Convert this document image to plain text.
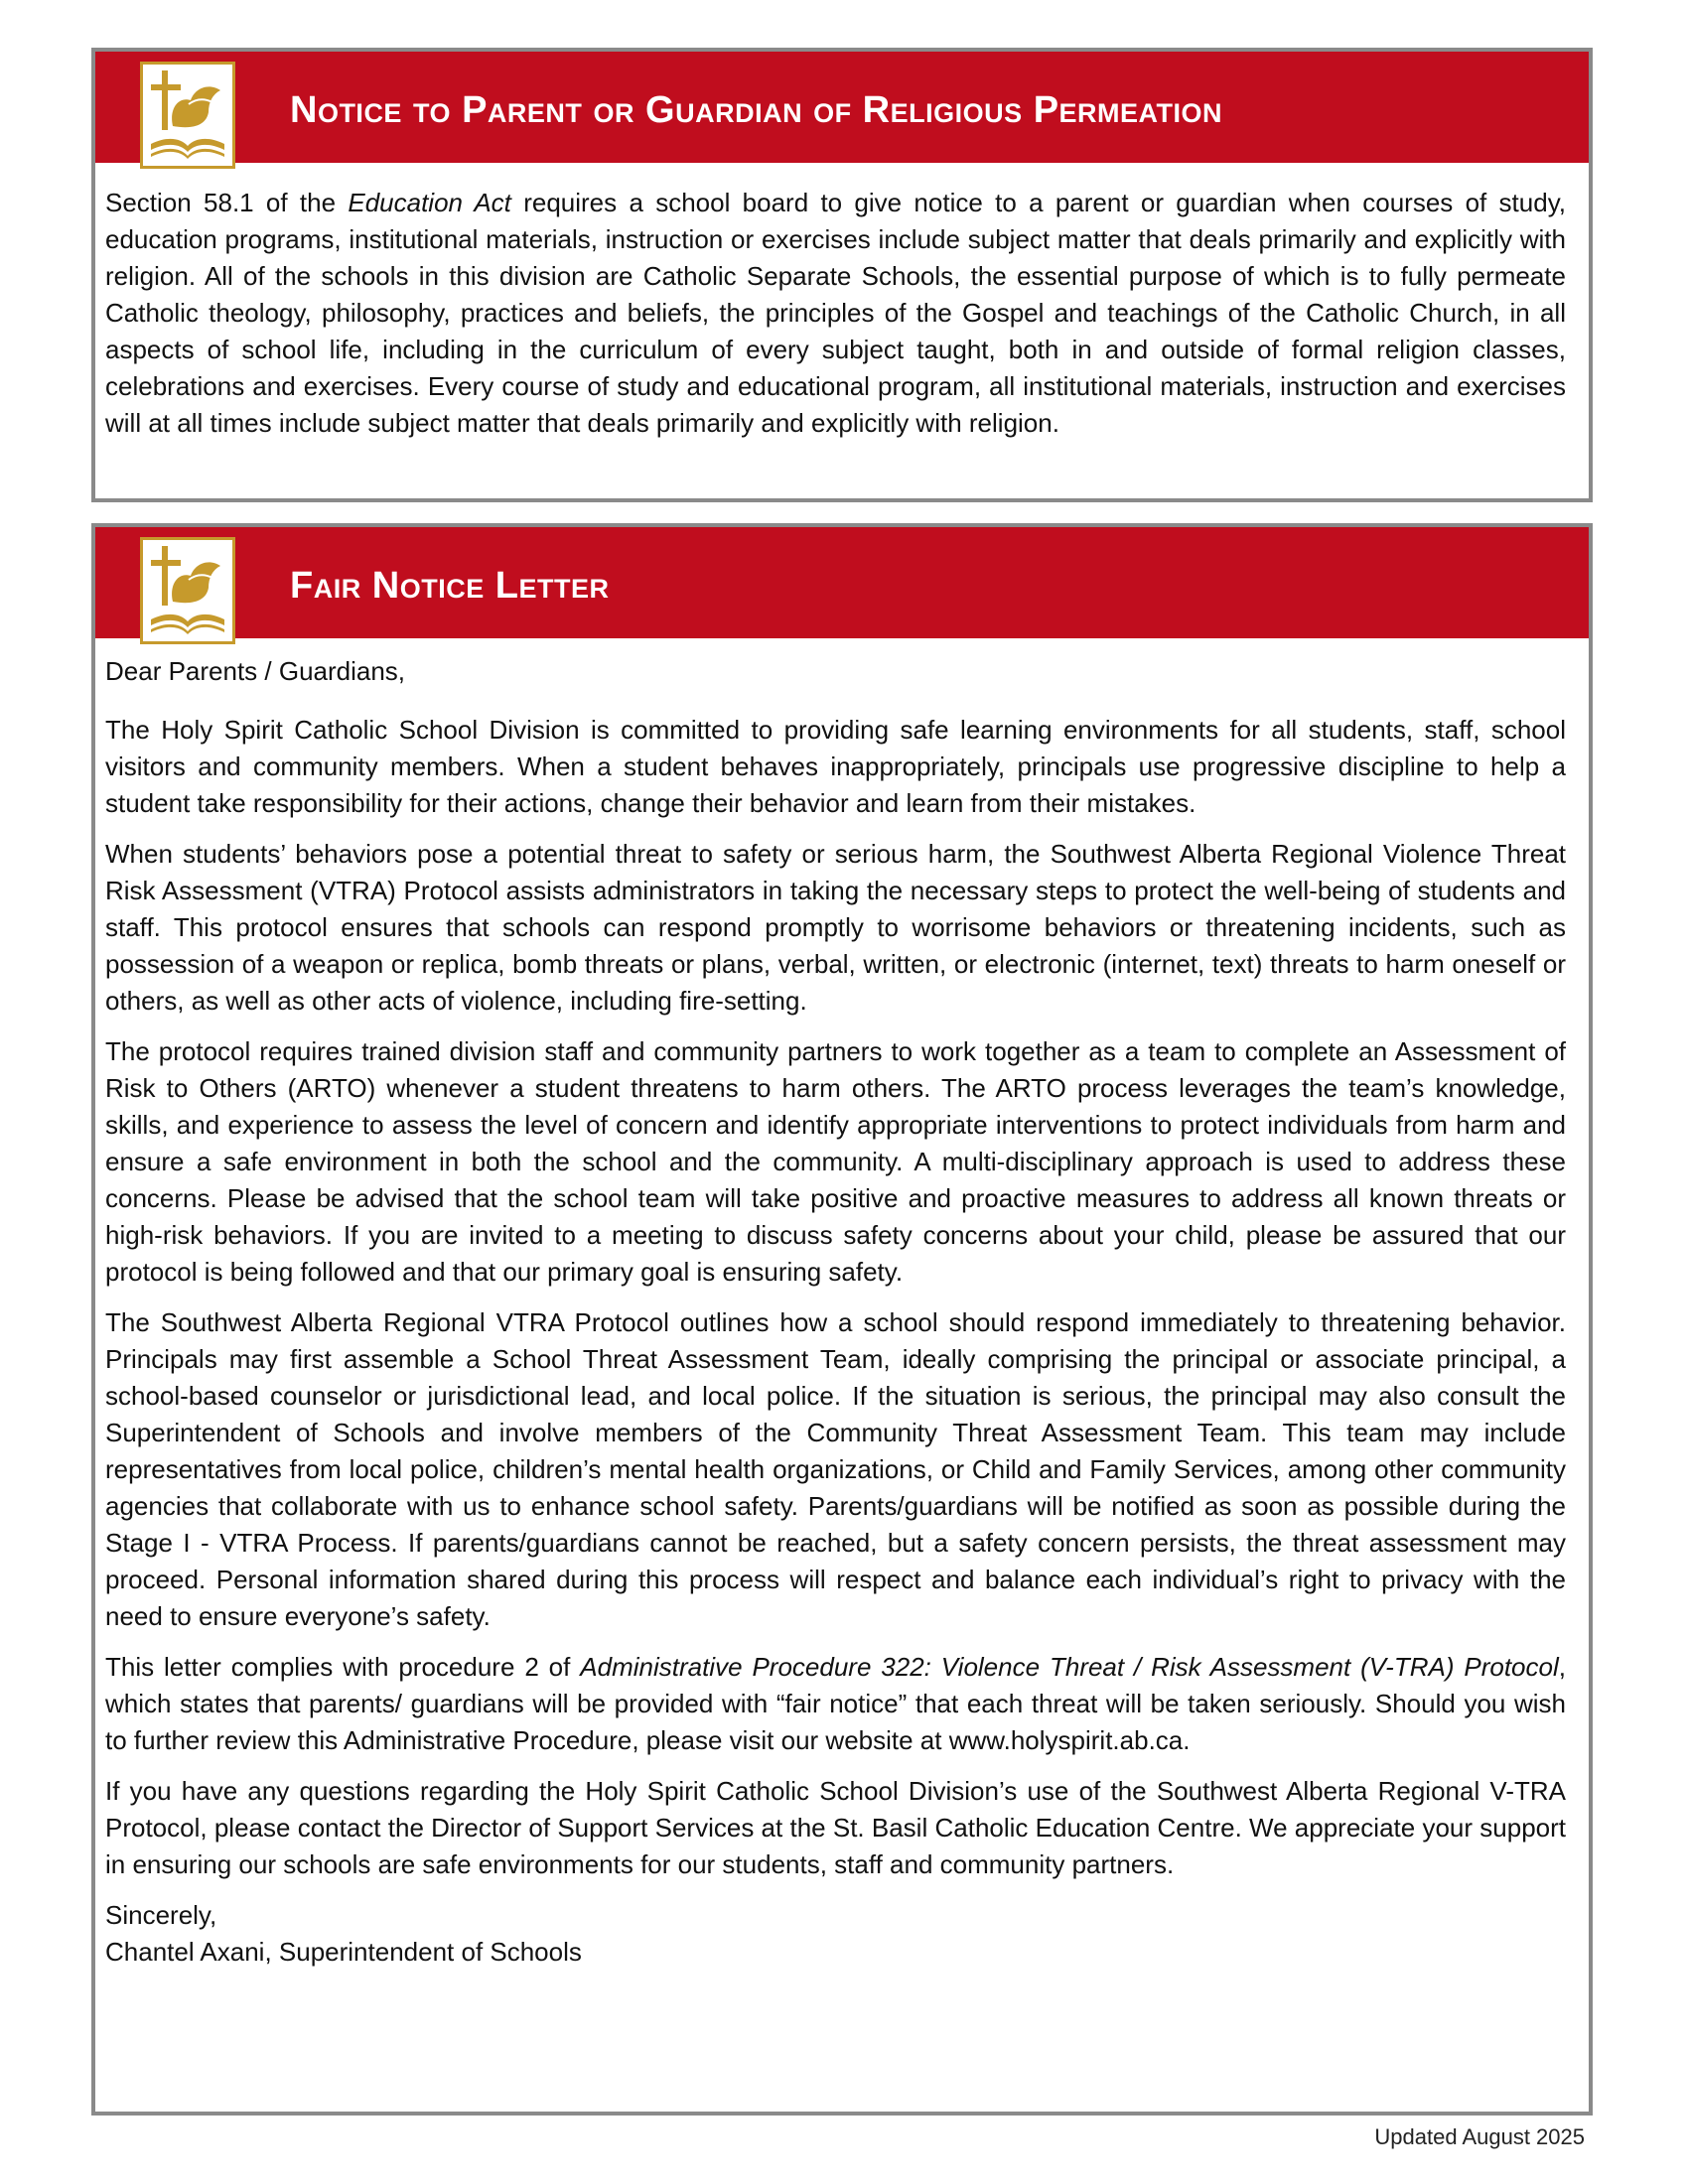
Notice to Parent or Guardian of Religious Permeation

Section 58.1 of the Education Act requires a school board to give notice to a parent or guardian when courses of study, education programs, institutional materials, instruction or exercises include subject matter that deals primarily and explicitly with religion. All of the schools in this division are Catholic Separate Schools, the essential purpose of which is to fully permeate Catholic theology, philosophy, practices and beliefs, the principles of the Gospel and teachings of the Catholic Church, in all aspects of school life, including in the curriculum of every subject taught, both in and outside of formal religion classes, celebrations and exercises. Every course of study and educational program, all institutional materials, instruction and exercises will at all times include subject matter that deals primarily and explicitly with religion.

Fair Notice Letter

Dear Parents / Guardians,

The Holy Spirit Catholic School Division is committed to providing safe learning environments for all students, staff, school visitors and community members. When a student behaves inappropriately, principals use progressive discipline to help a student take responsibility for their actions, change their behavior and learn from their mistakes.

When students’ behaviors pose a potential threat to safety or serious harm, the Southwest Alberta Regional Violence Threat Risk Assessment (VTRA) Protocol assists administrators in taking the necessary steps to protect the well-being of students and staff. This protocol ensures that schools can respond promptly to worrisome behaviors or threatening incidents, such as possession of a weapon or replica, bomb threats or plans, verbal, written, or electronic (internet, text) threats to harm oneself or others, as well as other acts of violence, including fire-setting.

The protocol requires trained division staff and community partners to work together as a team to complete an Assessment of Risk to Others (ARTO) whenever a student threatens to harm others. The ARTO process leverages the team’s knowledge, skills, and experience to assess the level of concern and identify appropriate interventions to protect individuals from harm and ensure a safe environment in both the school and the community. A multi-disciplinary approach is used to address these concerns. Please be advised that the school team will take positive and proactive measures to address all known threats or high-risk behaviors. If you are invited to a meeting to discuss safety concerns about your child, please be assured that our protocol is being followed and that our primary goal is ensuring safety.

The Southwest Alberta Regional VTRA Protocol outlines how a school should respond immediately to threatening behavior. Principals may first assemble a School Threat Assessment Team, ideally comprising the principal or associate principal, a school-based counselor or jurisdictional lead, and local police. If the situation is serious, the principal may also consult the Superintendent of Schools and involve members of the Community Threat Assessment Team. This team may include representatives from local police, children’s mental health organizations, or Child and Family Services, among other community agencies that collaborate with us to enhance school safety. Parents/guardians will be notified as soon as possible during the Stage I - VTRA Process. If parents/guardians cannot be reached, but a safety concern persists, the threat assessment may proceed. Personal information shared during this process will respect and balance each individual’s right to privacy with the need to ensure everyone’s safety.

This letter complies with procedure 2 of Administrative Procedure 322: Violence Threat / Risk Assessment (V-TRA) Protocol, which states that parents/ guardians will be provided with “fair notice” that each threat will be taken seriously. Should you wish to further review this Administrative Procedure, please visit our website at www.holyspirit.ab.ca.

If you have any questions regarding the Holy Spirit Catholic School Division’s use of the Southwest Alberta Regional V-TRA Protocol, please contact the Director of Support Services at the St. Basil Catholic Education Centre. We appreciate your support in ensuring our schools are safe environments for our students, staff and community partners.

Sincerely,

Chantel Axani, Superintendent of Schools

Updated August 2025
